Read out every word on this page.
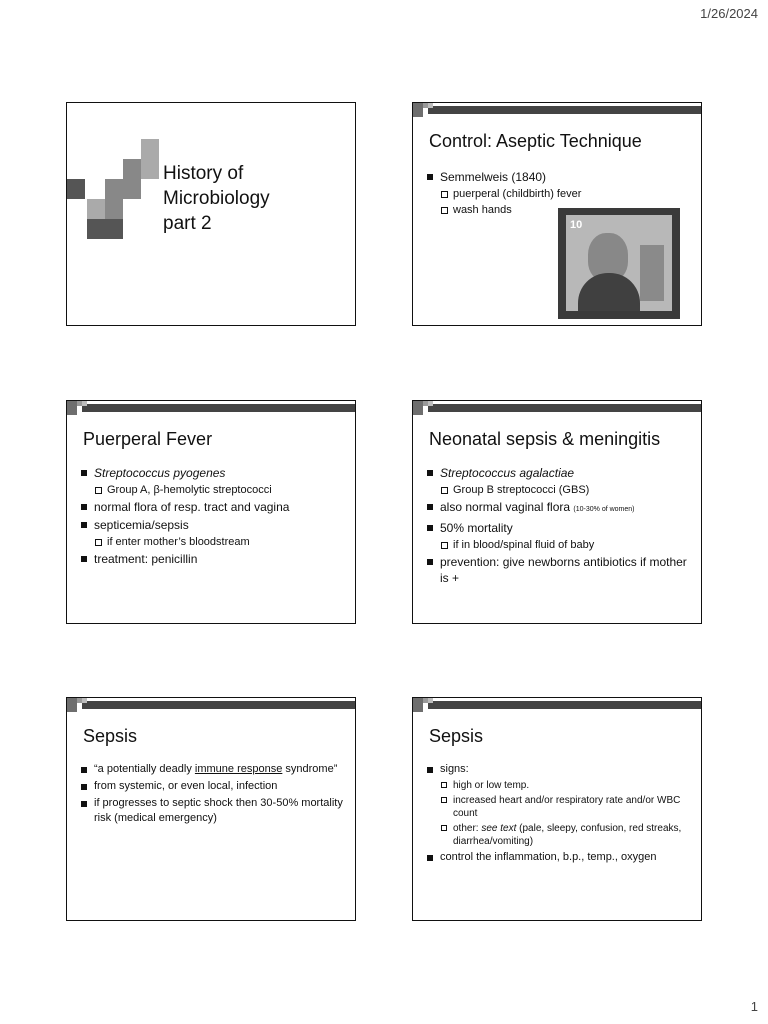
1/26/2024
History of
Microbiology
part 2
Control: Aseptic Technique
Semmelweis (1840)
puerperal (childbirth) fever
wash hands
10
Puerperal Fever
Streptococcus pyogenes
Group A, β-hemolytic streptococci
normal flora of resp. tract and vagina
septicemia/sepsis
if enter mother’s bloodstream
treatment: penicillin
Neonatal sepsis & meningitis
Streptococcus agalactiae
Group B streptococci (GBS)
also normal vaginal flora (10-30% of women)
50% mortality
if in blood/spinal fluid of baby
prevention: give newborns antibiotics if mother is +
Sepsis
“a potentially deadly immune response syndrome”
from systemic, or even local, infection
if progresses to septic shock then 30-50% mortality risk (medical emergency)
Sepsis
signs:
high or low temp.
increased heart and/or respiratory rate and/or WBC count
other: see text (pale, sleepy, confusion, red streaks, diarrhea/vomiting)
control the inflammation, b.p., temp., oxygen
1
